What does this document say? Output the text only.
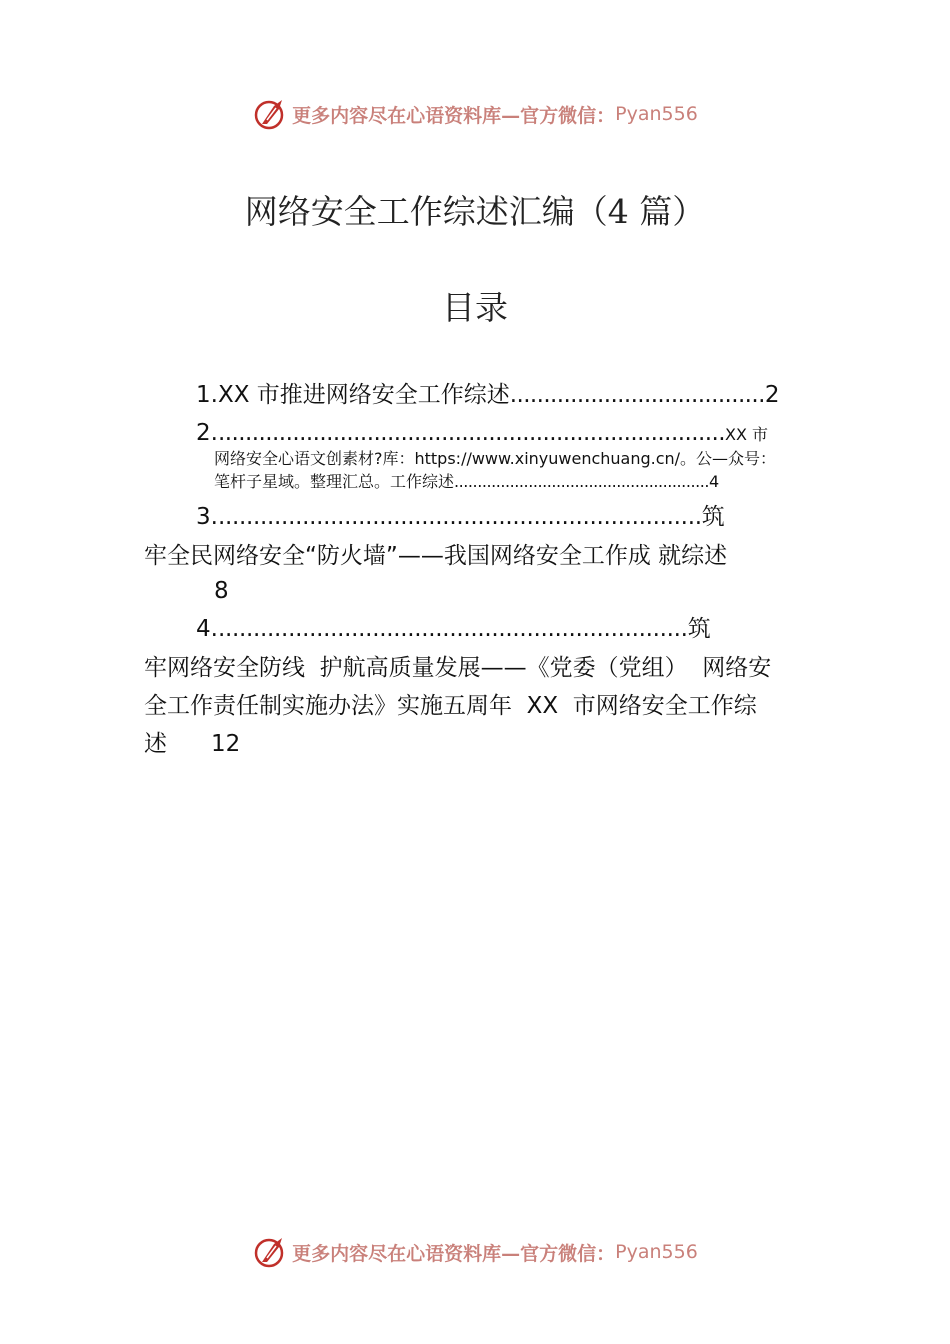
更多内容尽在心语资料库—官方微信： Pyan556
网络安全工作综述汇编（4 篇）
目录
1.XX 市推进网络安全工作综述......................................2
2............................................................................XX 市
网络安全心语文创素材?库：https://www.xinyuwenchuang.cn/。公—众号：
笔杆子星域。整理汇总。工作综述.......................................................4
3......................................................................筑
牢全民网络安全“防火墙”——我国网络安全工作成 就综述
8
4....................................................................筑
牢网络安全防线  护航高质量发展——《党委（党组）  网络安
全工作责任制实施办法》实施五周年  XX  市网络安全工作综
述 12
更多内容尽在心语资料库—官方微信： Pyan556
